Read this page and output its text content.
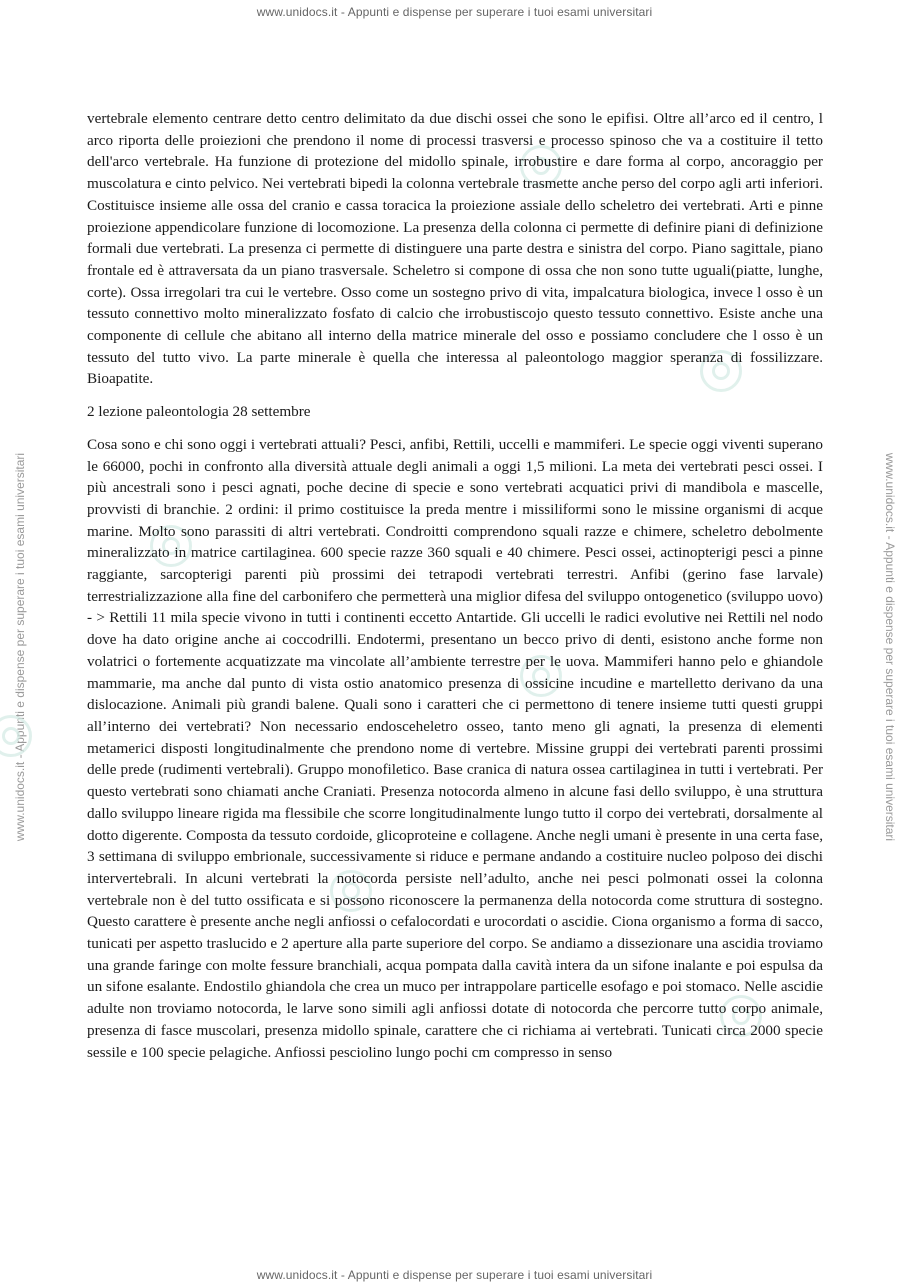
www.unidocs.it - Appunti e dispense per superare i tuoi esami universitari
www.unidocs.it - Appunti e dispense per superare i tuoi esami universitari	www.unidocs.it - Appunti e dispense per superare i tuoi esami universitari

vertebrale elemento centrare detto centro delimitato da due dischi ossei che sono le epifisi. Oltre all’arco ed il centro, l arco riporta delle proiezioni che prendono il nome di processi trasversi e processo spinoso che va a costituire il tetto dell'arco vertebrale. Ha funzione di protezione del midollo spinale, irrobustire e dare forma al corpo, ancoraggio per muscolatura e cinto pelvico. Nei vertebrati bipedi la colonna vertebrale trasmette anche perso del corpo agli arti inferiori. Costituisce insieme alle ossa del cranio e cassa toracica la proiezione assiale dello scheletro dei vertebrati. Arti e pinne proiezione appendicolare funzione di locomozione. La presenza della colonna ci permette di definire piani di definizione formali due vertebrati. La presenza ci permette di distinguere una parte destra e sinistra del corpo. Piano sagittale, piano frontale ed è attraversata da un piano trasversale. Scheletro si compone di ossa che non sono tutte uguali(piatte, lunghe, corte). Ossa irregolari tra cui le vertebre. Osso come un sostegno privo di vita, impalcatura biologica, invece l osso è un tessuto connettivo molto mineralizzato fosfato di calcio che irrobustiscojo questo tessuto connettivo. Esiste anche una componente di cellule che abitano all interno della matrice minerale del osso e possiamo concludere che l osso è un tessuto del tutto vivo. La parte minerale è quella che interessa al paleontologo maggior speranza di fossilizzare. Bioapatite.

2 lezione paleontologia 28 settembre

Cosa sono e chi sono oggi i vertebrati attuali? Pesci, anfibi, Rettili, uccelli e mammiferi. Le specie oggi viventi superano le 66000, pochi in confronto alla diversità attuale degli animali a oggi 1,5 milioni. La meta dei vertebrati pesci ossei. I più ancestrali sono i pesci agnati, poche decine di specie e sono vertebrati acquatici privi di mandibola e mascelle, provvisti di branchie. 2 ordini: il primo costituisce la preda mentre i missiliformi sono le missine organismi di acque marine. Molto sono parassiti di altri vertebrati. Condroitti comprendono squali razze e chimere, scheletro debolmente mineralizzato in matrice cartilaginea. 600 specie razze 360 squali e 40 chimere. Pesci ossei, actinopterigi pesci a pinne raggiante, sarcopterigi parenti più prossimi dei tetrapodi vertebrati terrestri. Anfibi (gerino fase larvale) terrestrializzazione alla fine del carbonifero che permetterà una miglior difesa del sviluppo ontogenetico (sviluppo uovo) - > Rettili 11 mila specie vivono in tutti i continenti eccetto Antartide. Gli uccelli le radici evolutive nei Rettili nel nodo dove ha dato origine anche ai coccodrilli. Endotermi, presentano un becco privo di denti, esistono anche forme non volatrici o fortemente acquatizzate ma vincolate all’ambiente terrestre per le uova. Mammiferi hanno pelo e ghiandole mammarie, ma anche dal punto di vista ostio anatomico presenza di ossicine incudine e martelletto derivano da una dislocazione. Animali più grandi balene. Quali sono i caratteri che ci permettono di tenere insieme tutti questi gruppi all’interno dei vertebrati? Non necessario endosceheletro osseo, tanto meno gli agnati, la presenza di elementi metamerici disposti longitudinalmente che prendono nome di vertebre. Missine gruppi dei vertebrati parenti prossimi delle prede (rudimenti vertebrali). Gruppo monofiletico. Base cranica di natura ossea cartilaginea in tutti i vertebrati. Per questo vertebrati sono chiamati anche Craniati. Presenza notocorda almeno in alcune fasi dello sviluppo, è una struttura dallo sviluppo lineare rigida ma flessibile che scorre longitudinalmente lungo tutto il corpo dei vertebrati, dorsalmente al dotto digerente. Composta da tessuto cordoide, glicoproteine e collagene. Anche negli umani è presente in una certa fase, 3 settimana di sviluppo embrionale, successivamente si riduce e permane andando a costituire nucleo polposo dei dischi intervertebrali. In alcuni vertebrati la notocorda persiste nell’adulto, anche nei pesci polmonati ossei la colonna vertebrale non è del tutto ossificata e si possono riconoscere la permanenza della notocorda come struttura di sostegno. Questo carattere è presente anche negli anfiossi o cefalocordati e urocordati o ascidie. Ciona organismo a forma di sacco, tunicati per aspetto traslucido e 2 aperture alla parte superiore del corpo. Se andiamo a dissezionare una ascidia troviamo una grande faringe con molte fessure branchiali, acqua pompata dalla cavità intera da un sifone inalante e poi espulsa da un sifone esalante. Endostilo ghiandola che crea un muco per intrappolare particelle esofago e poi stomaco. Nelle ascidie adulte non troviamo notocorda, le larve sono simili agli anfiossi dotate di notocorda che percorre tutto corpo animale, presenza di fasce muscolari, presenza midollo spinale, carattere che ci richiama ai vertebrati. Tunicati circa 2000 specie sessile e 100 specie pelagiche. Anfiossi pesciolino lungo pochi cm compresso in senso

www.unidocs.it - Appunti e dispense per superare i tuoi esami universitari
